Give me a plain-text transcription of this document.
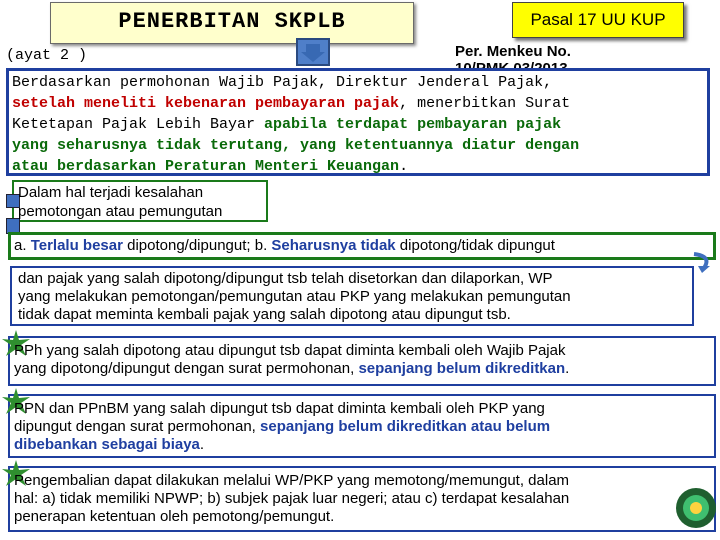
PENERBITAN SKPLB	Pasal 17 UU KUP
(ayat 2 )	Per. Menkeu No.
Berdasarkan permohonan Wajib Pajak, Direktur Jenderal Pajak,
setelah meneliti kebenaran pembayaran pajak, menerbitkan Surat
Ketetapan Pajak Lebih Bayar apabila terdapat pembayaran pajak
yang seharusnya tidak terutang, yang ketentuannya diatur dengan
atau berdasarkan Peraturan Menteri Keuangan.
Dalam hal terjadi kesalahan
pemotongan atau pemungutan
a. Terlalu besar dipotong/dipungut; b. Seharusnya tidak dipotong/tidak dipungut
dan pajak yang salah dipotong/dipungut tsb telah disetorkan dan dilaporkan, WP
yang melakukan pemotongan/pemungutan atau PKP yang melakukan pemungutan
tidak dapat meminta kembali pajak yang salah dipotong atau dipungut tsb.
PPh yang salah dipotong atau dipungut tsb dapat diminta kembali oleh Wajib Pajak
yang dipotong/dipungut dengan surat permohonan, sepanjang belum dikreditkan.
PPN dan PPnBM yang salah dipungut tsb dapat diminta kembali oleh PKP yang
dipungut dengan surat permohonan, sepanjang belum dikreditkan atau belum
dibebankan sebagai biaya.
Pengembalian dapat dilakukan melalui WP/PKP yang memotong/memungut, dalam
hal: a) tidak memiliki NPWP; b) subjek pajak luar negeri; atau c) terdapat kesalahan
penerapan ketentuan oleh pemotong/pemungut.
